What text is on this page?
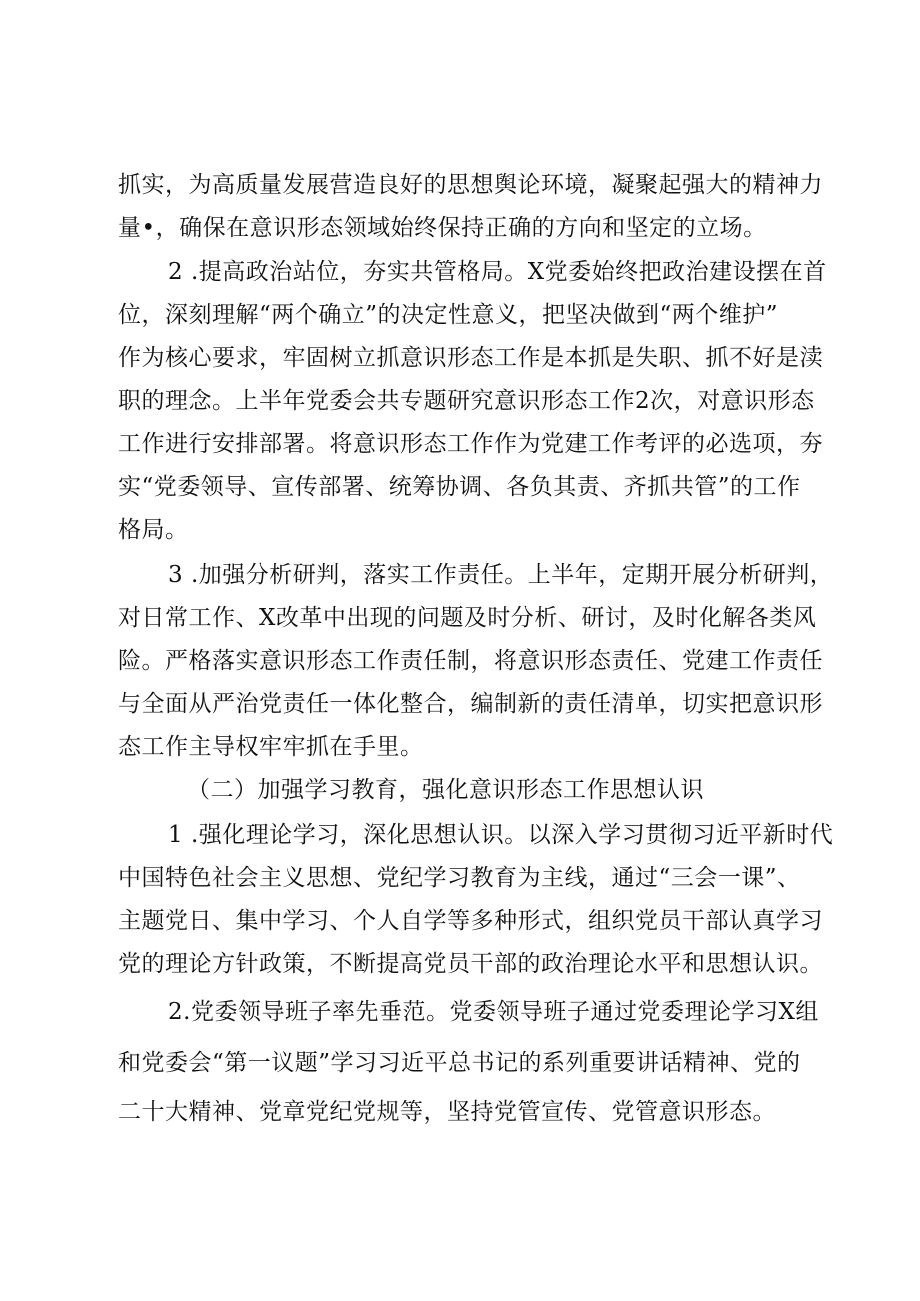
抓实，为高质量发展营造良好的思想舆论环境，凝聚起强大的精神力
量•，确保在意识形态领域始终保持正确的方向和坚定的立场。
2 .提高政治站位，夯实共管格局。X党委始终把政治建设摆在首
位，深刻理解“两个确立”的决定性意义，把坚决做到“两个维护”
作为核心要求，牢固树立抓意识形态工作是本抓是失职、抓不好是渎
职的理念。上半年党委会共专题研究意识形态工作2次，对意识形态
工作进行安排部署。将意识形态工作作为党建工作考评的必选项，夯
实“党委领导、宣传部署、统筹协调、各负其责、齐抓共管”的工作
格局。
3 .加强分析研判，落实工作责任。上半年，定期开展分析研判，
对日常工作、X改革中出现的问题及时分析、研讨，及时化解各类风
险。严格落实意识形态工作责任制，将意识形态责任、党建工作责任
与全面从严治党责任一体化整合，编制新的责任清单，切实把意识形
态工作主导权牢牢抓在手里。
（二）加强学习教育，强化意识形态工作思想认识
1 .强化理论学习，深化思想认识。以深入学习贯彻习近平新时代
中国特色社会主义思想、党纪学习教育为主线，通过“三会一课”、
主题党日、集中学习、个人自学等多种形式，组织党员干部认真学习
党的理论方针政策，不断提高党员干部的政治理论水平和思想认识。
2.党委领导班子率先垂范。党委领导班子通过党委理论学习X组
和党委会“第一议题”学习习近平总书记的系列重要讲话精神、党的
二十大精神、党章党纪党规等，坚持党管宣传、党管意识形态。
